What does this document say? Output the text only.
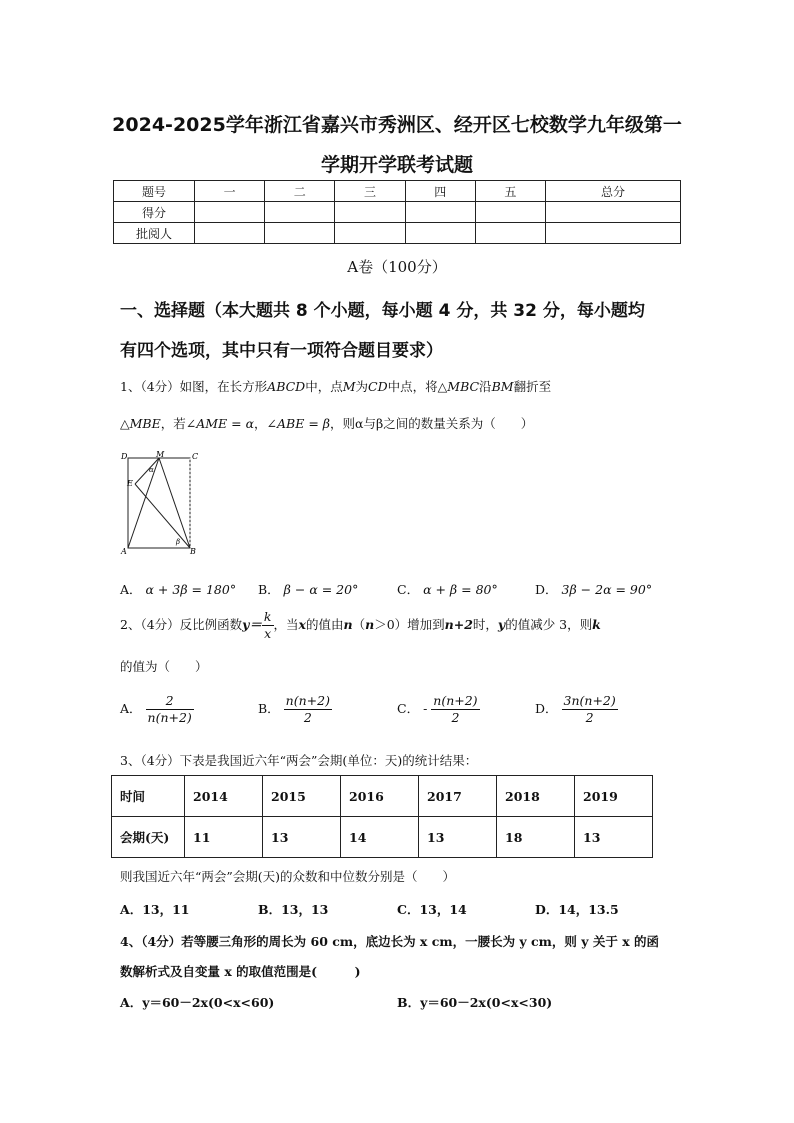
2024-2025学年浙江省嘉兴市秀洲区、经开区七校数学九年级第一
学期开学联考试题
题号	一	二	三	四	五	总分
得分						
批阅人						
A卷（100分）
一、选择题（本大题共 8 个小题，每小题 4 分，共 32 分，每小题均
有四个选项，其中只有一项符合题目要求）
1、（4分）如图，在长方形ABCD中，点M为CD中点，将△MBC沿BM翻折至
△MBE，若∠AME = α，∠ABE = β，则α与β之间的数量关系为（　　）
D	M	C
E
A	B
α
β
A． α + 3β = 180° B． β − α = 20°	C． α + β = 80°	D． 3β − 2α = 90°
2、（4分）反比例函数$y= \frac{k}{x}$ ，当x的值由n（n＞0）增加到n+2时，y的值减少 3，则k
的值为（　　）
A． $\frac{2}{n(n+2)}$	B． $\frac{n(n+2)}{2}$	C． - $\frac{n(n+2)}{2}$	D． $\frac{3n(n+2)}{2}$
3、（4分）下表是我国近六年“两会”会期(单位：天)的统计结果：
时间	2014	2015	2016	2017	2018	2019
会期(天)	11	13	14	13	18	13
则我国近六年“两会”会期(天)的众数和中位数分别是（　　）
A．13，11	B．13，13	C．13，14	D．14，13.5
4、（4分）若等腰三角形的周长为 60 cm，底边长为 x cm，一腰长为 y cm，则 y 关于 x 的函
数解析式及自变量 x 的取值范围是(　　　)
A．y＝60－2x(0<x<60)	B．y＝60－2x(0<x<30)
